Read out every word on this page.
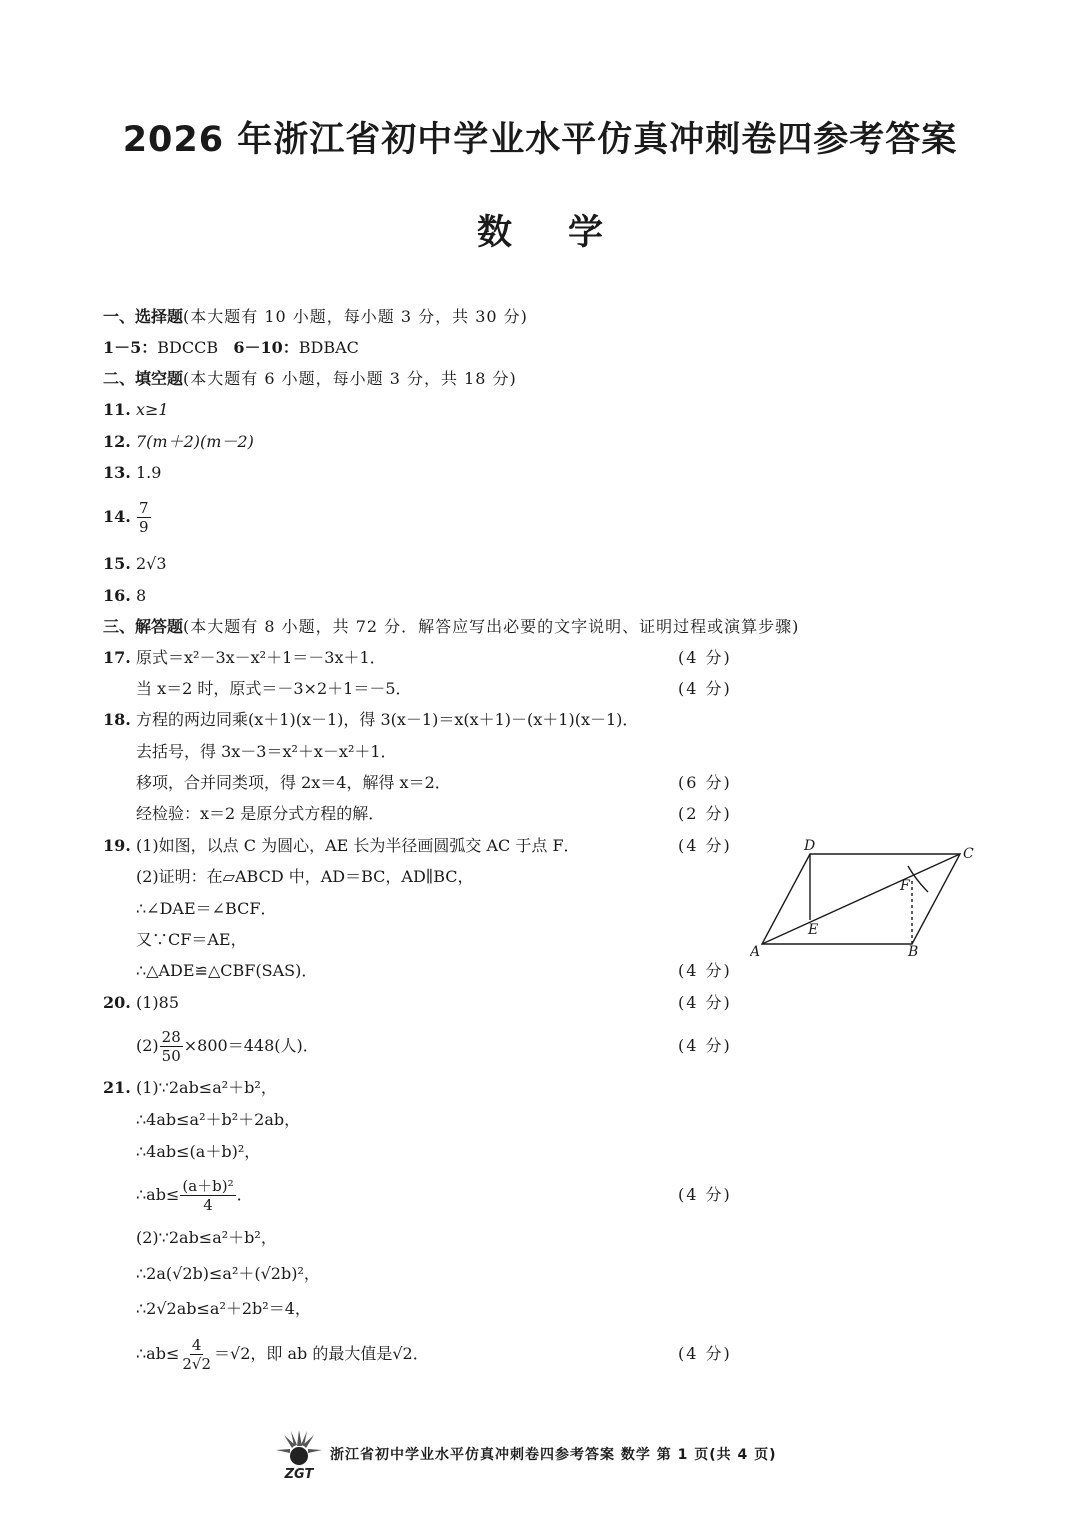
2026 年浙江省初中学业水平仿真冲刺卷四参考答案
数学
一、选择题(本大题有 10 小题，每小题 3 分，共 30 分)
1－5：BDCCB 6－10：BDBAC
二、填空题(本大题有 6 小题，每小题 3 分，共 18 分)
11. x≥1
12. 7(m＋2)(m－2)
13. 1.9
14. $\frac{7}{9}$
15. 2√3
16. 8
三、解答题(本大题有 8 小题，共 72 分．解答应写出必要的文字说明、证明过程或演算步骤)
17. 原式＝x²－3x－x²＋1＝－3x＋1．	(4 分)
当 x＝2 时，原式＝－3×2＋1＝－5．	(4 分)
18. 方程的两边同乘(x＋1)(x－1)，得 3(x－1)＝x(x＋1)－(x＋1)(x－1)．
去括号，得 3x－3＝x²＋x－x²＋1．
移项，合并同类项，得 2x＝4，解得 x＝2．	(6 分)
经检验：x＝2 是原分式方程的解．	(2 分)
19. (1)如图，以点 C 为圆心，AE 长为半径画圆弧交 AC 于点 F．	(4 分)
(2)证明：在▱ABCD 中，AD＝BC，AD∥BC，
∴∠DAE＝∠BCF．
又∵CF＝AE，
∴△ADE≌△CBF(SAS)．	(4 分)
A	B
C
D
E
F
20. (1)85	(4 分)
$(2) \frac{28}{50} \times 800=448$(人)．	(4 分)
21. (1)∵2ab≤a²＋b²，
∴4ab≤a²＋b²＋2ab，
∴4ab≤(a＋b)²，
∴ab≤ $\frac{\text{(a＋b)²}}{4}$ ．	(4 分)
(2)∵2ab≤a²＋b²，
∴2a(√2b)≤a²＋(√2b)²，
∴2√2ab≤a²＋2b²＝4，
∴ab≤ $\frac{4}{2√2} =√2$，即 ab 的最大值是√2．	(4 分)
ZGT
浙江省初中学业水平仿真冲刺卷四参考答案 数学 第 1 页(共 4 页)
